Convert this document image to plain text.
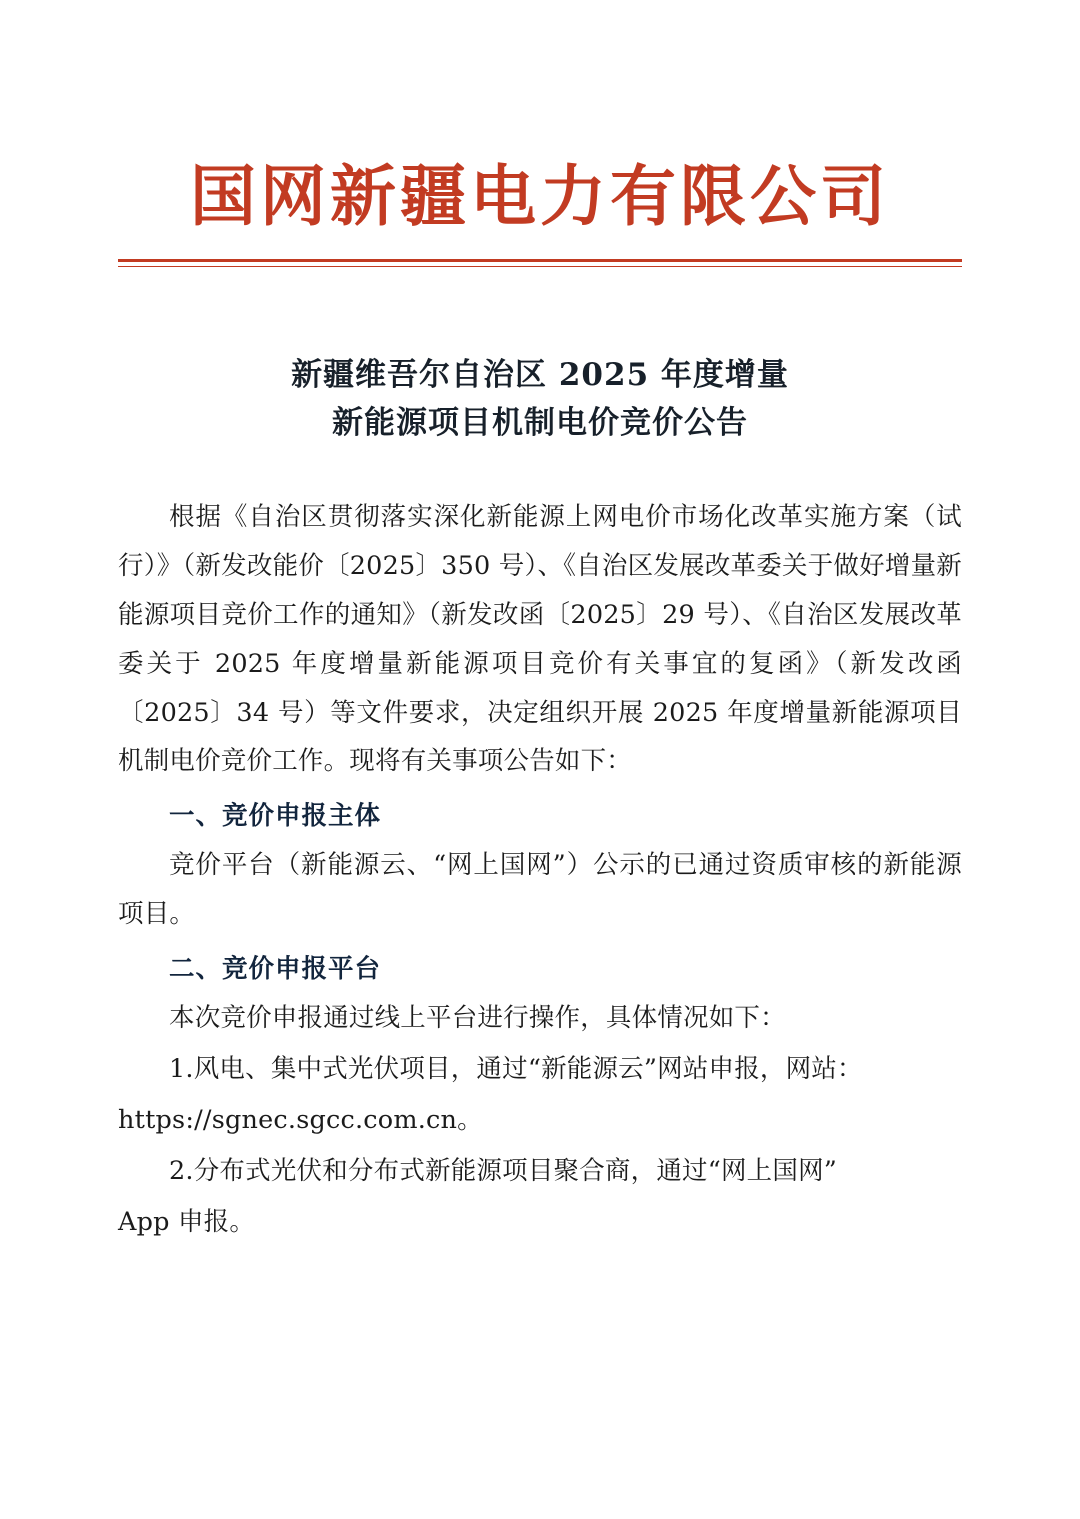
国网新疆电力有限公司
新疆维吾尔自治区 2025 年度增量
新能源项目机制电价竞价公告

根据《自治区贯彻落实深化新能源上网电价市场化改革实施方案（试行）》（新发改能价〔2025〕350 号）、《自治区发展改革委关于做好增量新能源项目竞价工作的通知》（新发改函〔2025〕29 号）、《自治区发展改革委关于 2025 年度增量新能源项目竞价有关事宜的复函》（新发改函〔2025〕34 号）等文件要求，决定组织开展 2025 年度增量新能源项目机制电价竞价工作。现将有关事项公告如下：

一、竞价申报主体

竞价平台（新能源云、“网上国网”）公示的已通过资质审核的新能源项目。

二、竞价申报平台

本次竞价申报通过线上平台进行操作，具体情况如下：

1.风电、集中式光伏项目，通过“新能源云”网站申报，网站：

https://sgnec.sgcc.com.cn。

2.分布式光伏和分布式新能源项目聚合商，通过“网上国网”

App 申报。
